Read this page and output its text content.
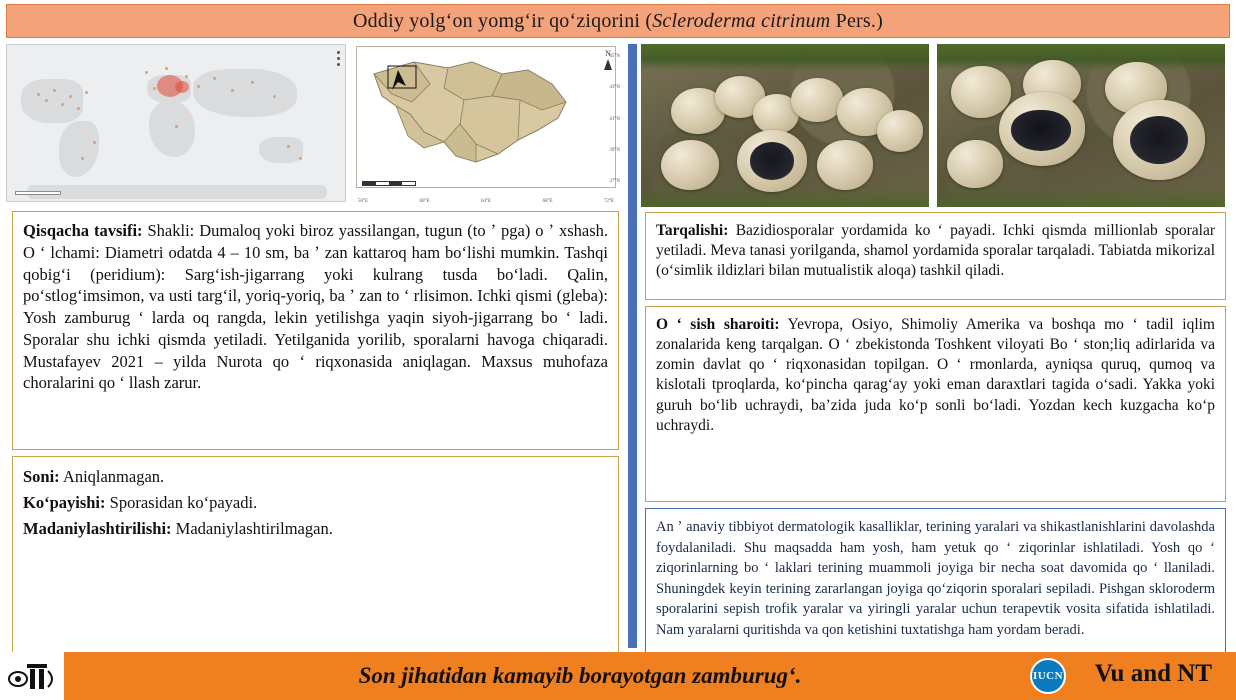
Oddiy yolg‘on yomg‘ir qo‘ziqorini (Scleroderma citrinum Pers.)
N
45°N
43°N
41°N
39°N
37°N
56°E	60°E	64°E	68°E	72°E

Qisqacha tavsifi: Shakli: Dumaloq yoki biroz yassilangan, tugun (to ʼ pga) o ʼ xshash. O ʻ lchami: Diametri odatda 4 – 10 sm, ba ʼ zan kattaroq ham bo‘lishi mumkin. Tashqi qobig‘i (peridium): Sarg‘ish-jigarrang yoki kulrang tusda bo‘ladi. Qalin, po‘stlog‘imsimon, va usti targ‘il, yoriq-yoriq, ba ʼ zan to ʻ rlisimon. Ichki qismi (gleba): Yosh zamburug ʻ larda oq rangda, lekin yetilishga yaqin siyoh-jigarrang bo ʻ ladi. Sporalar shu ichki qismda yetiladi. Yetilganida yorilib, sporalarni havoga chiqaradi. Mustafayev 2021 – yilda Nurota qo ʻ riqxonasida aniqlagan. Maxsus muhofaza choralarini qo ʻ llash zarur.

Soni: Aniqlanmagan.
Ko‘payishi: Sporasidan ko‘payadi.
Madaniylashtirilishi: Madaniylashtirilmagan.

Tarqalishi: Bazidiosporalar yordamida ko ʻ payadi. Ichki qismda millionlab sporalar yetiladi. Meva tanasi yorilganda, shamol yordamida sporalar tarqaladi. Tabiatda mikorizal (o‘simlik ildizlari bilan mutualistik aloqa) tashkil qiladi.

O ʻ sish sharoiti: Yevropa, Osiyo, Shimoliy Amerika va boshqa mo ʻ tadil iqlim zonalarida keng tarqalgan. O ʻ zbekistonda Toshkent viloyati Bo ʻ ston;liq adirlarida va zomin davlat qo ʻ riqxonasidan topilgan. O ʻ rmonlarda, ayniqsa quruq, qumoq va kislotali tproqlarda, ko‘pincha qarag‘ay yoki eman daraxtlari tagida o‘sadi. Yakka yoki guruh bo‘lib uchraydi, ba’zida juda ko‘p sonli bo‘ladi. Yozdan kech kuzgacha ko‘p uchraydi.

An ʼ anaviy tibbiyot dermatologik kasalliklar, terining yaralari va shikastlanishlarini davolashda foydalaniladi. Shu maqsadda ham yosh, ham yetuk qo ʻ ziqorinlar ishlatiladi. Yosh qo ʻ ziqorinlarning bo ʻ laklari terining muammoli joyiga bir necha soat davomida qo ʻ llaniladi. Shuningdek keyin terining zararlangan joyiga qo‘ziqorin sporalari sepiladi. Pishgan skloroderm sporalarini sepish trofik yaralar va yiringli yaralar uchun terapevtik vosita sifatida ishlatiladi. Nam yaralarni quritishda va qon ketishini tuxtatishga ham yordam beradi.

Son jihatidan kamayib borayotgan zamburug‘.	IUCN Vu and NT
